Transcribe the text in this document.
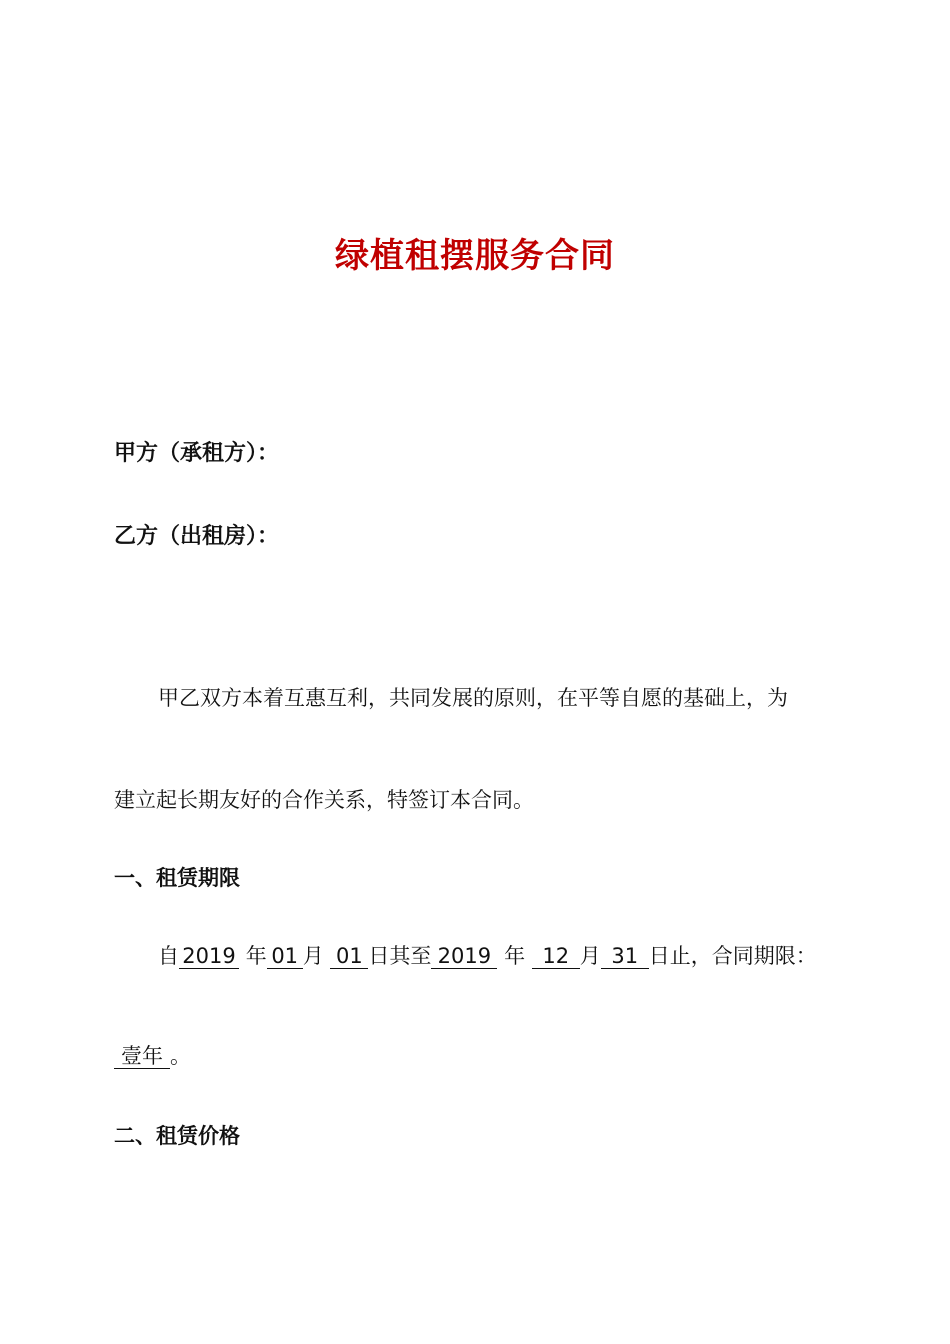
绿植租摆服务合同
甲方（承租方）：
乙方（出租房）：
甲乙双方本着互惠互利，共同发展的原则，在平等自愿的基础上，为
建立起长期友好的合作关系，特签订本合同。
一、租赁期限
自 2019 年 01 月 01 日其至 2019 年 12 月 31 日止，合同期限：
壹年 。
二、租赁价格
